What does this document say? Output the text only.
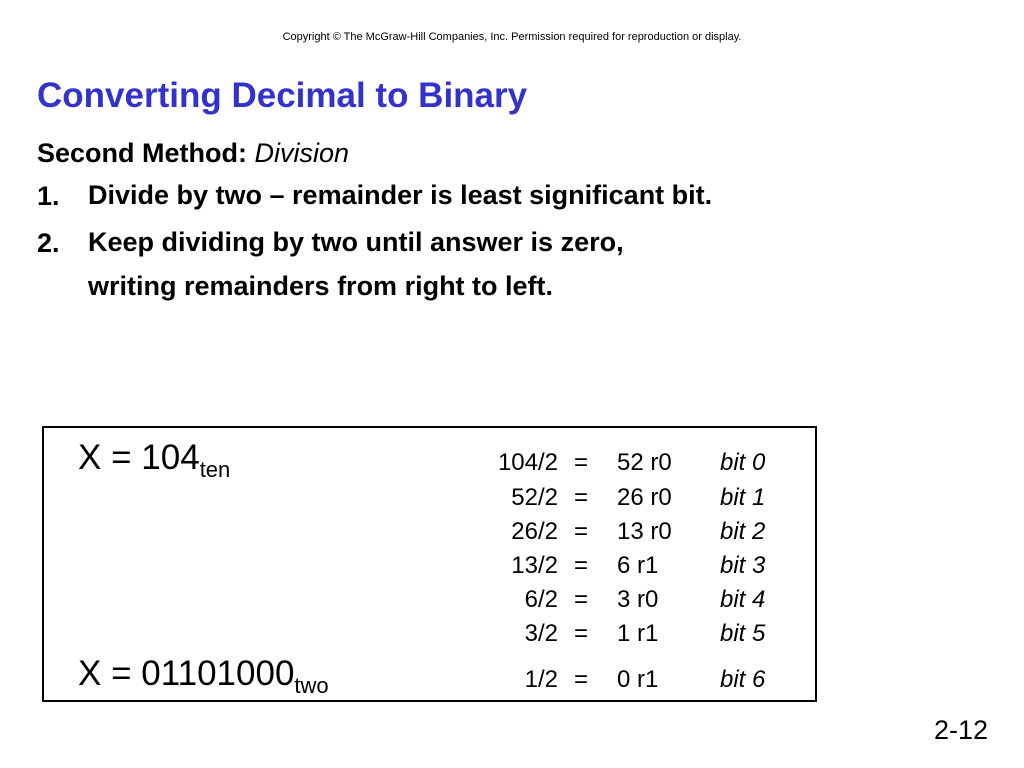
Copyright © The McGraw-Hill Companies, Inc. Permission required for reproduction or display.
Converting Decimal to Binary
Second Method: Division
1. Divide by two – remainder is least significant bit.
2. Keep dividing by two until answer is zero,
writing remainders from right to left.
$X = 104_{ten}$
$X = 01101000_{two}$
104/2 = 52 r0 bit 0
52/2 = 26 r0 bit 1
26/2 = 13 r0 bit 2
13/2 = 6 r1	bit 3
6/2 = 3 r0	bit 4
3/2 = 1 r1	bit 5
1/2 = 0 r1	bit 6
2-12
